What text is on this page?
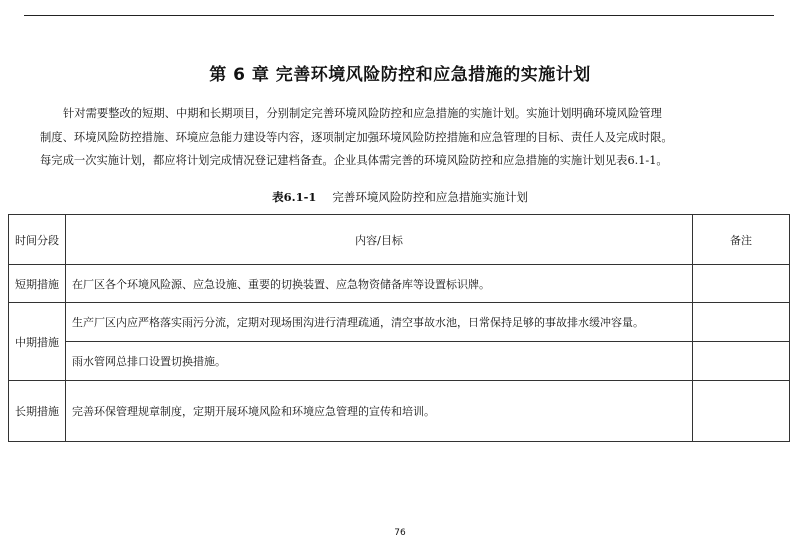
第 6 章 完善环境风险防控和应急措施的实施计划
针对需要整改的短期、中期和长期项目，分别制定完善环境风险防控和应急措施的实施计划。实施计划明确环境风险管理
制度、环境风险防控措施、环境应急能力建设等内容，逐项制定加强环境风险防控措施和应急管理的目标、责任人及完成时限。
每完成一次实施计划，都应将计划完成情况登记建档备查。企业具体需完善的环境风险防控和应急措施的实施计划见表6.1-1。
表6.1-1 完善环境风险防控和应急措施实施计划
时间分段	内容/目标	备注
短期措施	在厂区各个环境风险源、应急设施、重要的切换装置、应急物资储备库等设置标识牌。	
中期措施	生产厂区内应严格落实雨污分流，定期对现场围沟进行清理疏通，清空事故水池，日常保持足够的事故排水缓冲容量。	
	雨水管网总排口设置切换措施。	
长期措施	完善环保管理规章制度，定期开展环境风险和环境应急管理的宣传和培训。	
76
